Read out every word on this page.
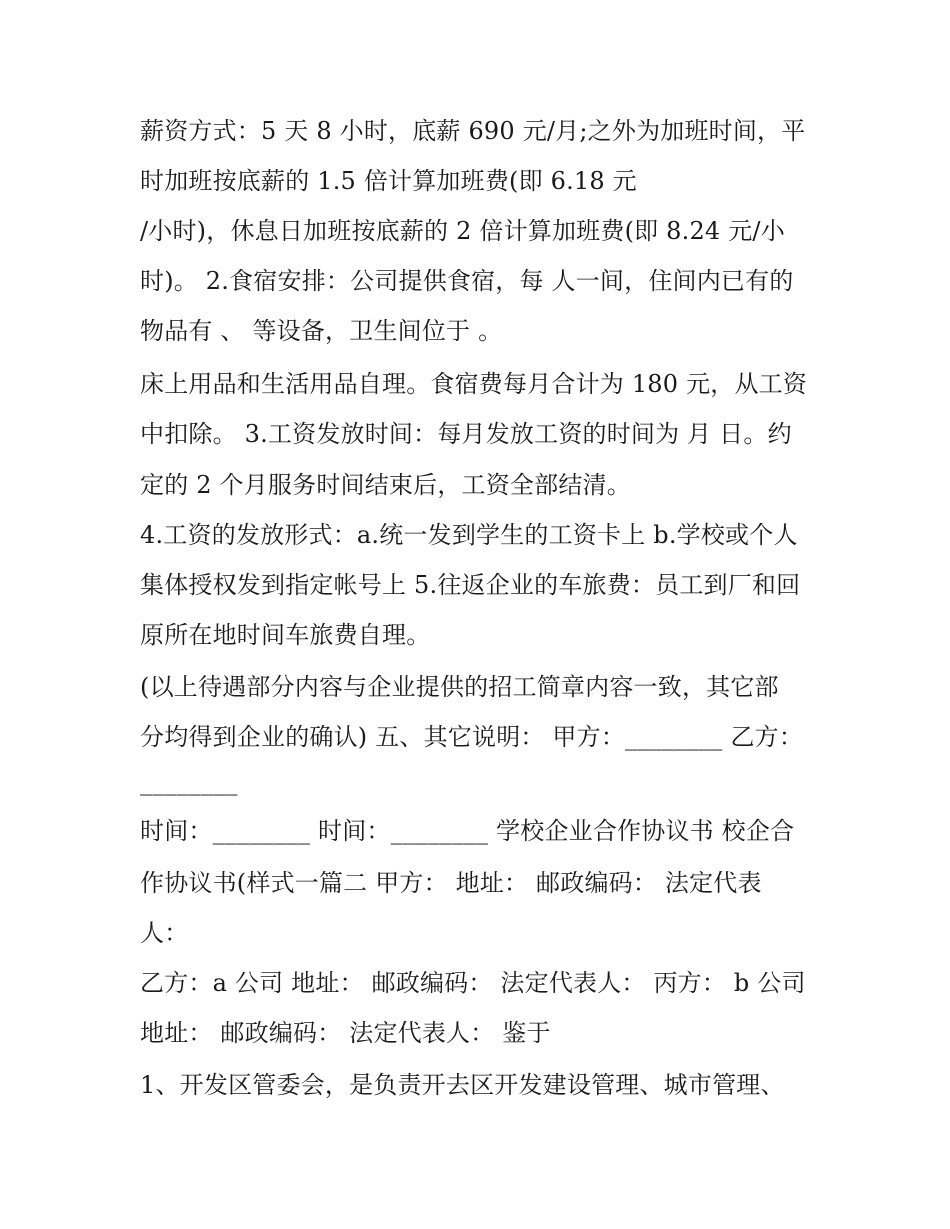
薪资方式：5 天 8 小时，底薪 690 元/月;之外为加班时间，平
时加班按底薪的 1.5 倍计算加班费(即 6.18 元
/小时)，休息日加班按底薪的 2 倍计算加班费(即 8.24 元/小
时)。 2.食宿安排：公司提供食宿，每 人一间，住间内已有的
物品有 、 等设备，卫生间位于 。
床上用品和生活用品自理。食宿费每月合计为 180 元，从工资
中扣除。 3.工资发放时间：每月发放工资的时间为 月 日。约
定的 2 个月服务时间结束后，工资全部结清。
4.工资的发放形式：a.统一发到学生的工资卡上 b.学校或个人
集体授权发到指定帐号上 5.往返企业的车旅费：员工到厂和回
原所在地时间车旅费自理。
(以上待遇部分内容与企业提供的招工简章内容一致，其它部
分均得到企业的确认) 五、其它说明： 甲方：________ 乙方：
________
时间：________ 时间：________ 学校企业合作协议书 校企合
作协议书(样式一篇二 甲方： 地址： 邮政编码： 法定代表
人：
乙方：a 公司 地址： 邮政编码： 法定代表人： 丙方： b 公司
地址： 邮政编码： 法定代表人： 鉴于
1、开发区管委会，是负责开去区开发建设管理、城市管理、
